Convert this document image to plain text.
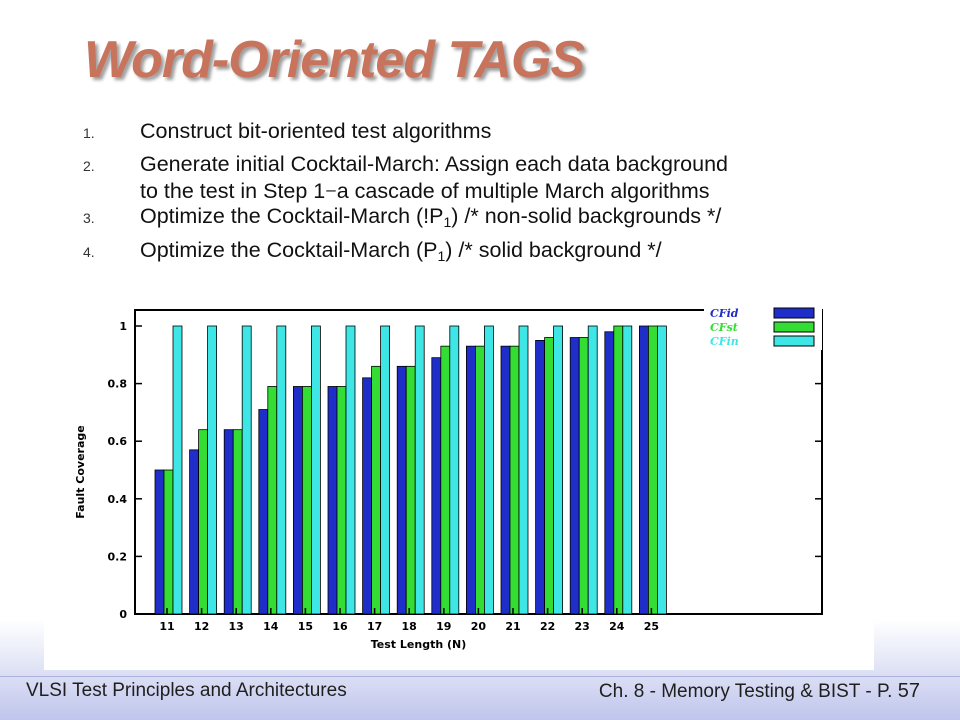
Word-Oriented TAGS
1. Construct bit-oriented test algorithms
2. Generate initial Cocktail-March: Assign each data background
to the test in Step 1–a cascade of multiple March algorithms
3. Optimize the Cocktail-March $(!P_1)$ /* non-solid backgrounds */
4. Optimize the Cocktail-March $(P_1)$ /* solid background */
0
0.2
0.4
0.6
0.8
1
11 12 13 14 15 16 17 18 19 20 21 22 23 24 25
Test Length (N)
Fault Coverage
CFid
CFst
CFin
VLSI Test Principles and Architectures	Ch. 8 - Memory Testing & BIST - P. 57
